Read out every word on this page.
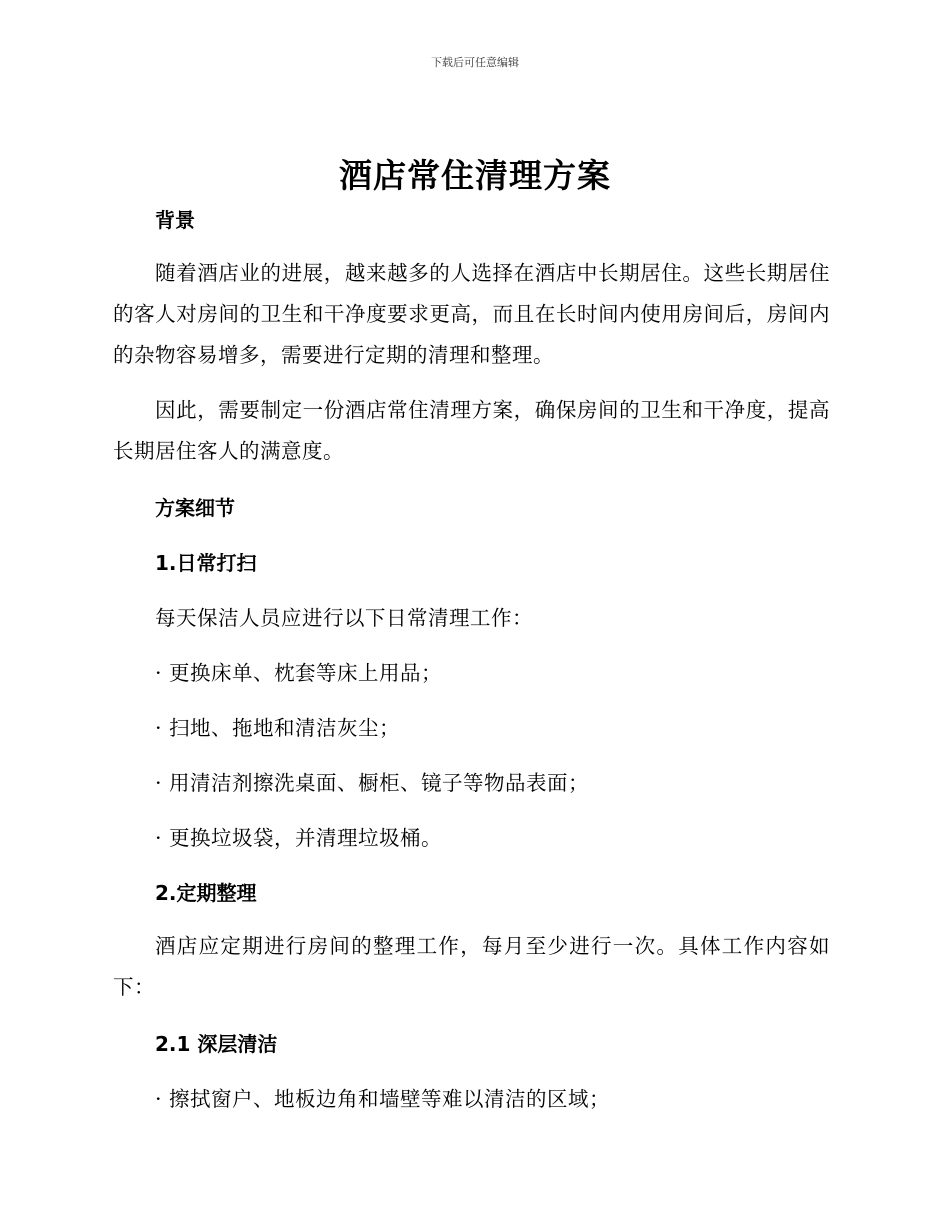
下载后可任意编辑
酒店常住清理方案
背景

随着酒店业的进展，越来越多的人选择在酒店中长期居住。这些长期居住的客人对房间的卫生和干净度要求更高，而且在长时间内使用房间后，房间内的杂物容易增多，需要进行定期的清理和整理。

因此，需要制定一份酒店常住清理方案，确保房间的卫生和干净度，提高长期居住客人的满意度。

方案细节
1.日常打扫
每天保洁人员应进行以下日常清理工作：
· 更换床单、枕套等床上用品；
· 扫地、拖地和清洁灰尘；
· 用清洁剂擦洗桌面、橱柜、镜子等物品表面；
· 更换垃圾袋，并清理垃圾桶。
2.定期整理

酒店应定期进行房间的整理工作，每月至少进行一次。具体工作内容如下：

2.1 深层清洁
· 擦拭窗户、地板边角和墙壁等难以清洁的区域；
